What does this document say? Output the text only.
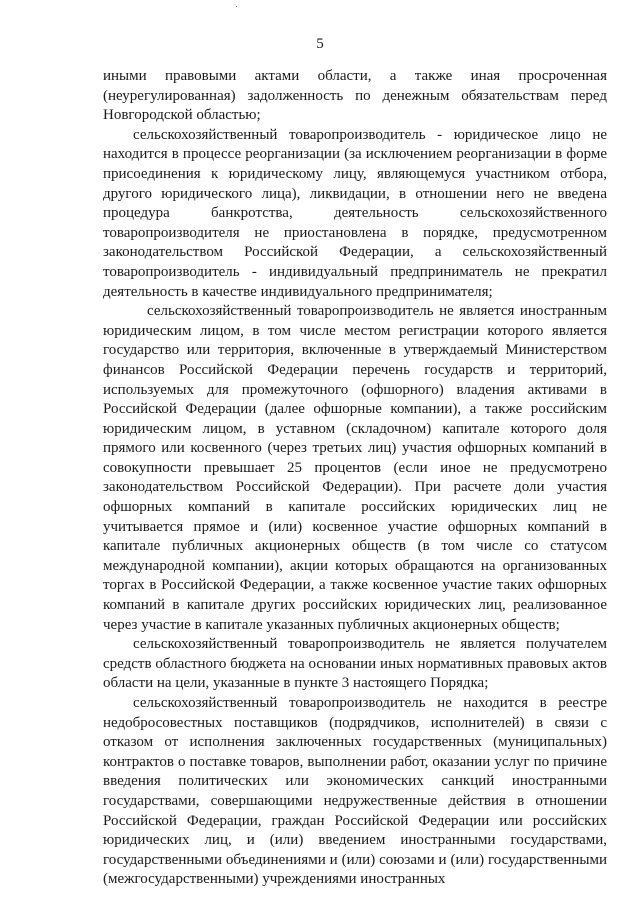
5

иными правовыми актами области, а также иная просроченная (неурегулированная) задолженность по денежным обязательствам перед Новгородской областью;

сельскохозяйственный товаропроизводитель - юридическое лицо не находится в процессе реорганизации (за исключением реорганизации в форме присоединения к юридическому лицу, являющемуся участником отбора, другого юридического лица), ликвидации, в отношении него не введена процедура банкротства, деятельность сельскохозяйственного товаропроизводителя не приостановлена в порядке, предусмотренном законодательством Российской Федерации, а сельскохозяйственный товаропроизводитель - индивидуальный предприниматель не прекратил деятельность в качестве индивидуального предпринимателя;

сельскохозяйственный товаропроизводитель не является иностранным юридическим лицом, в том числе местом регистрации которого является государство или территория, включенные в утверждаемый Министерством финансов Российской Федерации перечень государств и территорий, используемых для промежуточного (офшорного) владения активами в Российской Федерации (далее офшорные компании), а также российским юридическим лицом, в уставном (складочном) капитале которого доля прямого или косвенного (через третьих лиц) участия офшорных компаний в совокупности превышает 25 процентов (если иное не предусмотрено законодательством Российской Федерации). При расчете доли участия офшорных компаний в капитале российских юридических лиц не учитывается прямое и (или) косвенное участие офшорных компаний в капитале публичных акционерных обществ (в том числе со статусом международной компании), акции которых обращаются на организованных торгах в Российской Федерации, а также косвенное участие таких офшорных компаний в капитале других российских юридических лиц, реализованное через участие в капитале указанных публичных акционерных обществ;

сельскохозяйственный товаропроизводитель не является получателем средств областного бюджета на основании иных нормативных правовых актов области на цели, указанные в пункте 3 настоящего Порядка;

сельскохозяйственный товаропроизводитель не находится в реестре недобросовестных поставщиков (подрядчиков, исполнителей) в связи с отказом от исполнения заключенных государственных (муниципальных) контрактов о поставке товаров, выполнении работ, оказании услуг по причине введения политических или экономических санкций иностранными государствами, совершающими недружественные действия в отношении Российской Федерации, граждан Российской Федерации или российских юридических лиц, и (или) введением иностранными государствами, государственными объединениями и (или) союзами и (или) государственными (межгосударственными) учреждениями иностранных
